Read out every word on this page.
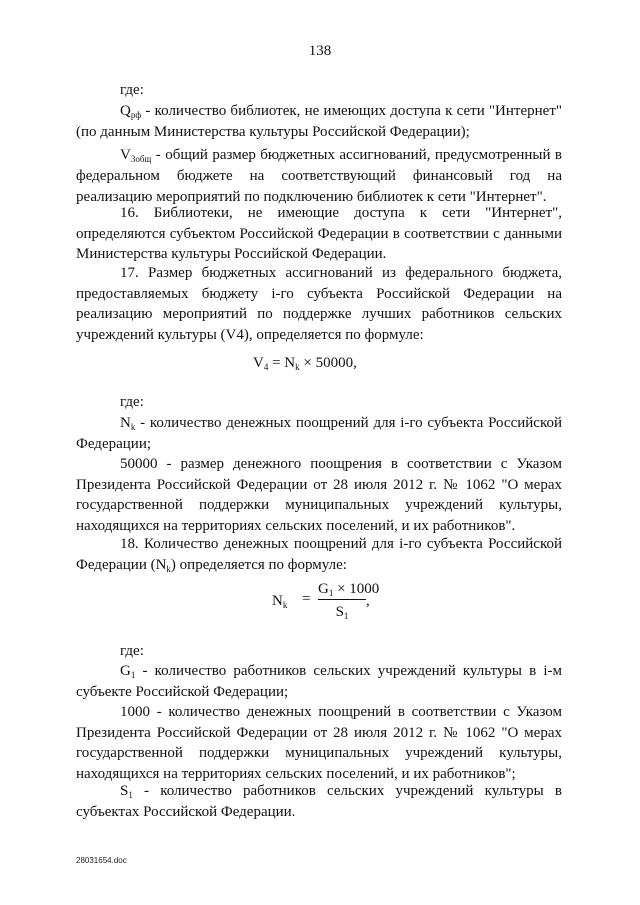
138
где:
$Q_{рф}$ - количество библиотек, не имеющих доступа к сети "Интернет" (по данным Министерства культуры Российской Федерации);
$V_{3общ}$ - общий размер бюджетных ассигнований, предусмотренный в федеральном бюджете на соответствующий финансовый год на реализацию мероприятий по подключению библиотек к сети "Интернет".
16. Библиотеки, не имеющие доступа к сети "Интернет", определяются субъектом Российской Федерации в соответствии с данными Министерства культуры Российской Федерации.
17. Размер бюджетных ассигнований из федерального бюджета, предоставляемых бюджету i-го субъекта Российской Федерации на реализацию мероприятий по поддержке лучших работников сельских учреждений культуры (V4), определяется по формуле:
$V_4 = N_k \times 50000$,
где:
$N_k$ - количество денежных поощрений для i-го субъекта Российской Федерации;
50000 - размер денежного поощрения в соответствии с Указом Президента Российской Федерации от 28 июля 2012 г. № 1062 "О мерах государственной поддержки муниципальных учреждений культуры, находящихся на территориях сельских поселений, и их работников".
18. Количество денежных поощрений для i-го субъекта Российской Федерации $(N_k)$ определяется по формуле:
$N_k$ =
$G_1 \times 1000$
$S_1$
,
где:
$G_1$ - количество работников сельских учреждений культуры в i-м субъекте Российской Федерации;
1000 - количество денежных поощрений в соответствии с Указом Президента Российской Федерации от 28 июля 2012 г. № 1062 "О мерах государственной поддержки муниципальных учреждений культуры, находящихся на территориях сельских поселений, и их работников";
$S_1$ - количество работников сельских учреждений культуры в субъектах Российской Федерации.
28031654.doc
